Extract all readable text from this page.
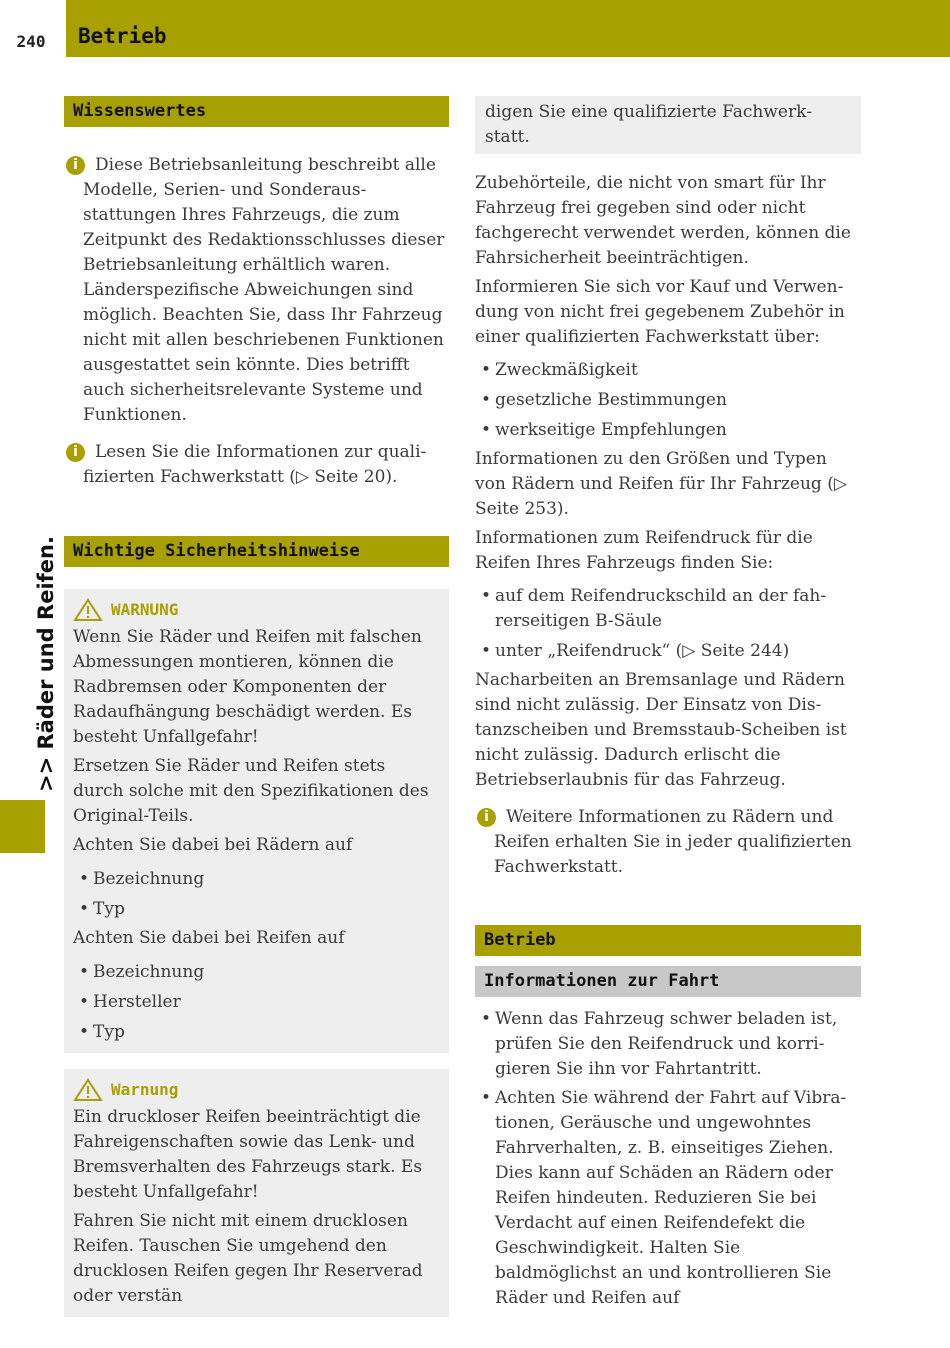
240	Betrieb
>> Räder und Reifen.
Wissenswertes
i	Diese Betriebsanleitung beschreibt alle Modelle, Serien- und Sonderausstattungen Ihres Fahrzeugs, die zum Zeitpunkt des Redaktionsschlusses dieser Betriebsanleitung erhältlich waren. Länderspezifische Abweichungen sind möglich. Beachten Sie, dass Ihr Fahrzeug nicht mit allen beschriebenen Funktionen ausgestattet sein könnte. Dies betrifft auch sicherheitsrelevante Systeme und Funktionen.

i	Lesen Sie die Informationen zur qualifizierten Fachwerkstatt (▷ Seite 20).

Wichtige Sicherheitshinweise
WARNUNG

Wenn Sie Räder und Reifen mit falschen Abmessungen montieren, können die Radbremsen oder Komponenten der Radaufhängung beschädigt werden. Es besteht Unfallgefahr!

Ersetzen Sie Räder und Reifen stets durch solche mit den Spezifikationen des Original-Teils.

Achten Sie dabei bei Rädern auf

• Bezeichnung
• Typ

Achten Sie dabei bei Reifen auf

• Bezeichnung
• Hersteller
• Typ
Warnung

Ein druckloser Reifen beeinträchtigt die Fahreigenschaften sowie das Lenk- und Bremsverhalten des Fahrzeugs stark. Es besteht Unfallgefahr!

Fahren Sie nicht mit einem drucklosen Reifen. Tauschen Sie umgehend den drucklosen Reifen gegen Ihr Reserverad oder verstän

digen Sie eine qualifizierte Fachwerkstatt.

Zubehörteile, die nicht von smart für Ihr Fahrzeug frei gegeben sind oder nicht fachgerecht verwendet werden, können die Fahrsicherheit beeinträchtigen.

Informieren Sie sich vor Kauf und Verwendung von nicht frei gegebenem Zubehör in einer qualifizierten Fachwerkstatt über:

• Zweckmäßigkeit
• gesetzliche Bestimmungen
• werkseitige Empfehlungen

Informationen zu den Größen und Typen von Rädern und Reifen für Ihr Fahrzeug (▷ Seite 253).

Informationen zum Reifendruck für die Reifen Ihres Fahrzeugs finden Sie:

• auf dem Reifendruckschild an der fahrerseitigen B-Säule
• unter „Reifendruck“ (▷ Seite 244)

Nacharbeiten an Bremsanlage und Rädern sind nicht zulässig. Der Einsatz von Distanzscheiben und Bremsstaub-Scheiben ist nicht zulässig. Dadurch erlischt die Betriebserlaubnis für das Fahrzeug.

i	Weitere Informationen zu Rädern und Reifen erhalten Sie in jeder qualifizierten Fachwerkstatt.

Betrieb
Informationen zur Fahrt
• Wenn das Fahrzeug schwer beladen ist, prüfen Sie den Reifendruck und korrigieren Sie ihn vor Fahrtantritt.
• Achten Sie während der Fahrt auf Vibrationen, Geräusche und ungewohntes Fahrverhalten, z. B. einseitiges Ziehen. Dies kann auf Schäden an Rädern oder Reifen hindeuten. Reduzieren Sie bei Verdacht auf einen Reifendefekt die Geschwindigkeit. Halten Sie baldmöglichst an und kontrollieren Sie Räder und Reifen auf
